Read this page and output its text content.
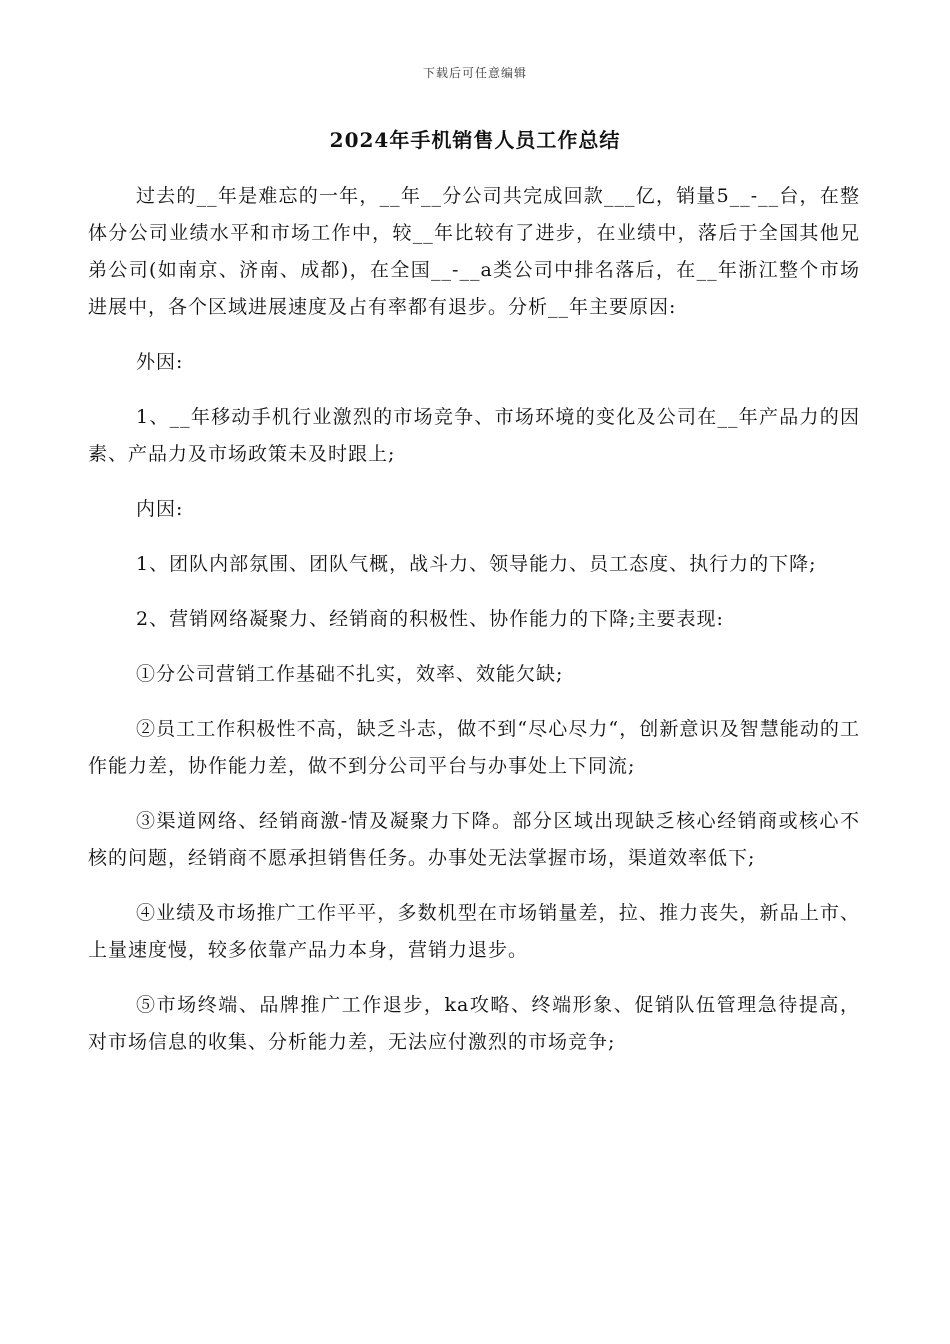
下载后可任意编辑
2024年手机销售人员工作总结

过去的__年是难忘的一年，__年__分公司共完成回款___亿，销量5__-__台，在整体分公司业绩水平和市场工作中，较__年比较有了进步，在业绩中，落后于全国其他兄弟公司(如南京、济南、成都)，在全国__-__a类公司中排名落后，在__年浙江整个市场进展中，各个区域进展速度及占有率都有退步。分析__年主要原因:

外因:

1、__年移动手机行业激烈的市场竞争、市场环境的变化及公司在__年产品力的因素、产品力及市场政策未及时跟上;

内因:

1、团队内部氛围、团队气概，战斗力、领导能力、员工态度、执行力的下降;

2、营销网络凝聚力、经销商的积极性、协作能力的下降;主要表现:

①分公司营销工作基础不扎实，效率、效能欠缺;

②员工工作积极性不高，缺乏斗志，做不到“尽心尽力“，创新意识及智慧能动的工作能力差，协作能力差，做不到分公司平台与办事处上下同流;

③渠道网络、经销商激-情及凝聚力下降。部分区域出现缺乏核心经销商或核心不核的问题，经销商不愿承担销售任务。办事处无法掌握市场，渠道效率低下;

④业绩及市场推广工作平平，多数机型在市场销量差，拉、推力丧失，新品上市、上量速度慢，较多依靠产品力本身，营销力退步。

⑤市场终端、品牌推广工作退步，ka攻略、终端形象、促销队伍管理急待提高，对市场信息的收集、分析能力差，无法应付激烈的市场竞争;
